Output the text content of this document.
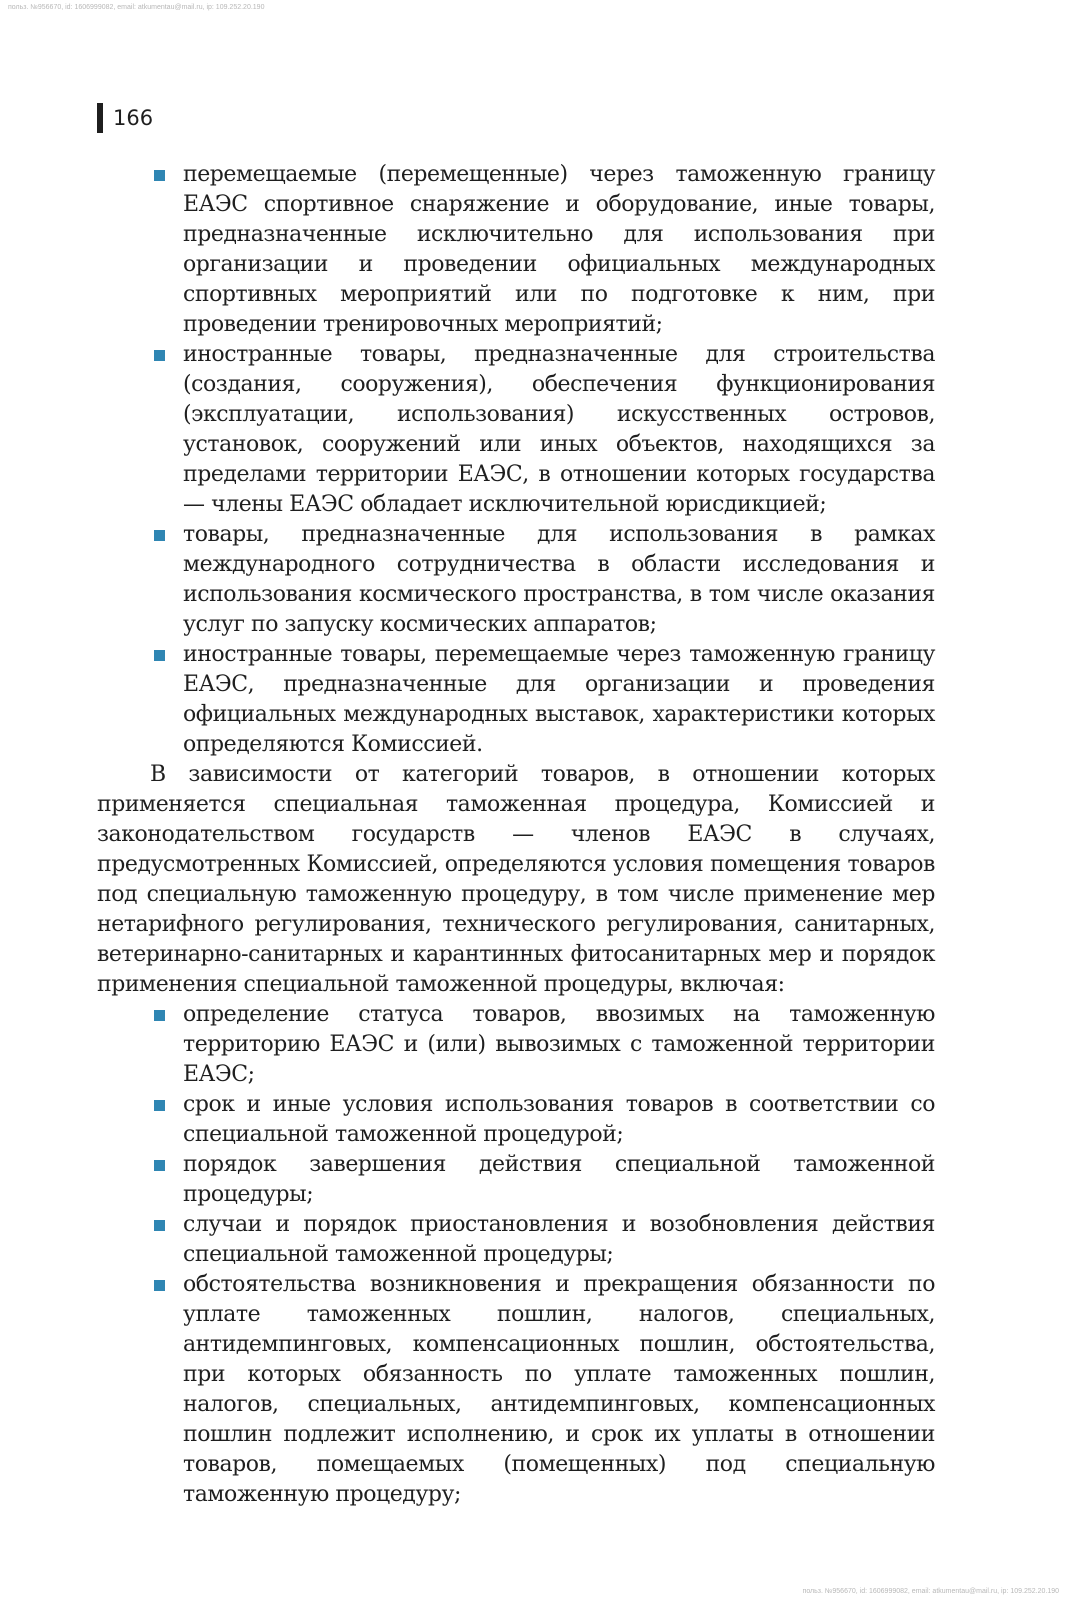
польз. №956670, id: 1606999082, email: atkumentau@mail.ru, ip: 109.252.20.190
166
перемещаемые (перемещенные) через таможенную границу ЕАЭС спортивное снаряжение и оборудование, иные товары, предназначенные исключительно для использования при организации и проведении официальных международных спортивных мероприятий или по подготовке к ним, при проведении тренировочных мероприятий;
иностранные товары, предназначенные для строительства (создания, сооружения), обеспечения функционирования (эксплуатации, использования) искусственных островов, установок, сооружений или иных объектов, находящихся за пределами территории ЕАЭС, в отношении которых государства — члены ЕАЭС обладает исключительной юрисдикцией;
товары, предназначенные для использования в рамках международного сотрудничества в области исследования и использования космического пространства, в том числе оказания услуг по запуску космических аппаратов;
иностранные товары, перемещаемые через таможенную границу ЕАЭС, предназначенные для организации и проведения официальных международных выставок, характеристики которых определяются Комиссией.

В зависимости от категорий товаров, в отношении которых применяется специальная таможенная процедура, Комиссией и законодательством государств — членов ЕАЭС в случаях, предусмотренных Комиссией, определяются условия помещения товаров под специальную таможенную процедуру, в том числе применение мер нетарифного регулирования, технического регулирования, санитарных, ветеринарно-санитарных и карантинных фитосанитарных мер и порядок применения специальной таможенной процедуры, включая:

определение статуса товаров, ввозимых на таможенную территорию ЕАЭС и (или) вывозимых с таможенной территории ЕАЭС;
срок и иные условия использования товаров в соответствии со специальной таможенной процедурой;
порядок завершения действия специальной таможенной процедуры;
случаи и порядок приостановления и возобновления действия специальной таможенной процедуры;
обстоятельства возникновения и прекращения обязанности по уплате таможенных пошлин, налогов, специальных, антидемпинговых, компенсационных пошлин, обстоятельства, при которых обязанность по уплате таможенных пошлин, налогов, специальных, антидемпинговых, компенсационных пошлин подлежит исполнению, и срок их уплаты в отношении товаров, помещаемых (помещенных) под специальную таможенную процедуру;
польз. №956670, id: 1606999082, email: atkumentau@mail.ru, ip: 109.252.20.190
